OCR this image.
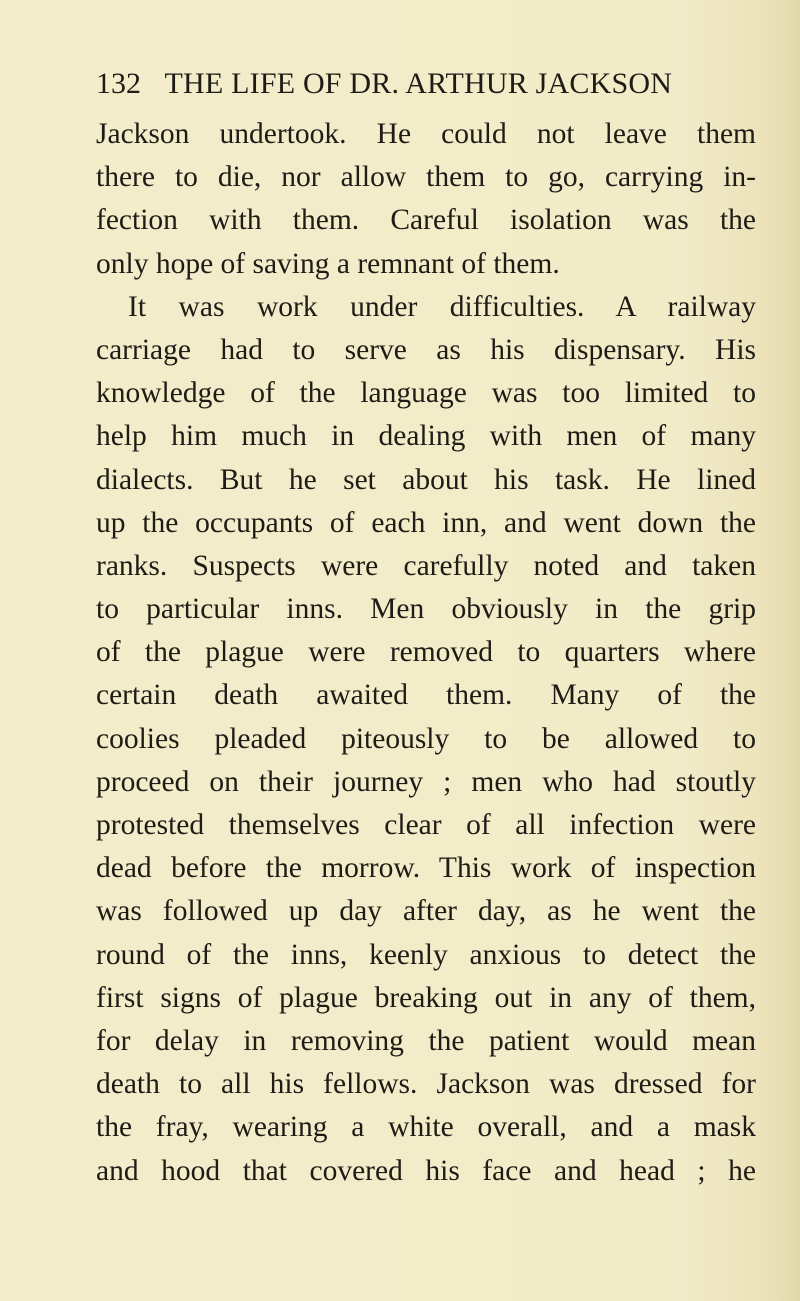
132 THE LIFE OF DR. ARTHUR JACKSON
Jackson undertook. He could not leave them
there to die, nor allow them to go, carrying in-
fection with them. Careful isolation was the
only hope of saving a remnant of them.
It was work under difficulties. A railway
carriage had to serve as his dispensary. His
knowledge of the language was too limited to
help him much in dealing with men of many
dialects. But he set about his task. He lined
up the occupants of each inn, and went down the
ranks. Suspects were carefully noted and taken
to particular inns. Men obviously in the grip
of the plague were removed to quarters where
certain death awaited them. Many of the
coolies pleaded piteously to be allowed to
proceed on their journey ; men who had stoutly
protested themselves clear of all infection were
dead before the morrow. This work of inspection
was followed up day after day, as he went the
round of the inns, keenly anxious to detect the
first signs of plague breaking out in any of them,
for delay in removing the patient would mean
death to all his fellows. Jackson was dressed for
the fray, wearing a white overall, and a mask
and hood that covered his face and head ; he
